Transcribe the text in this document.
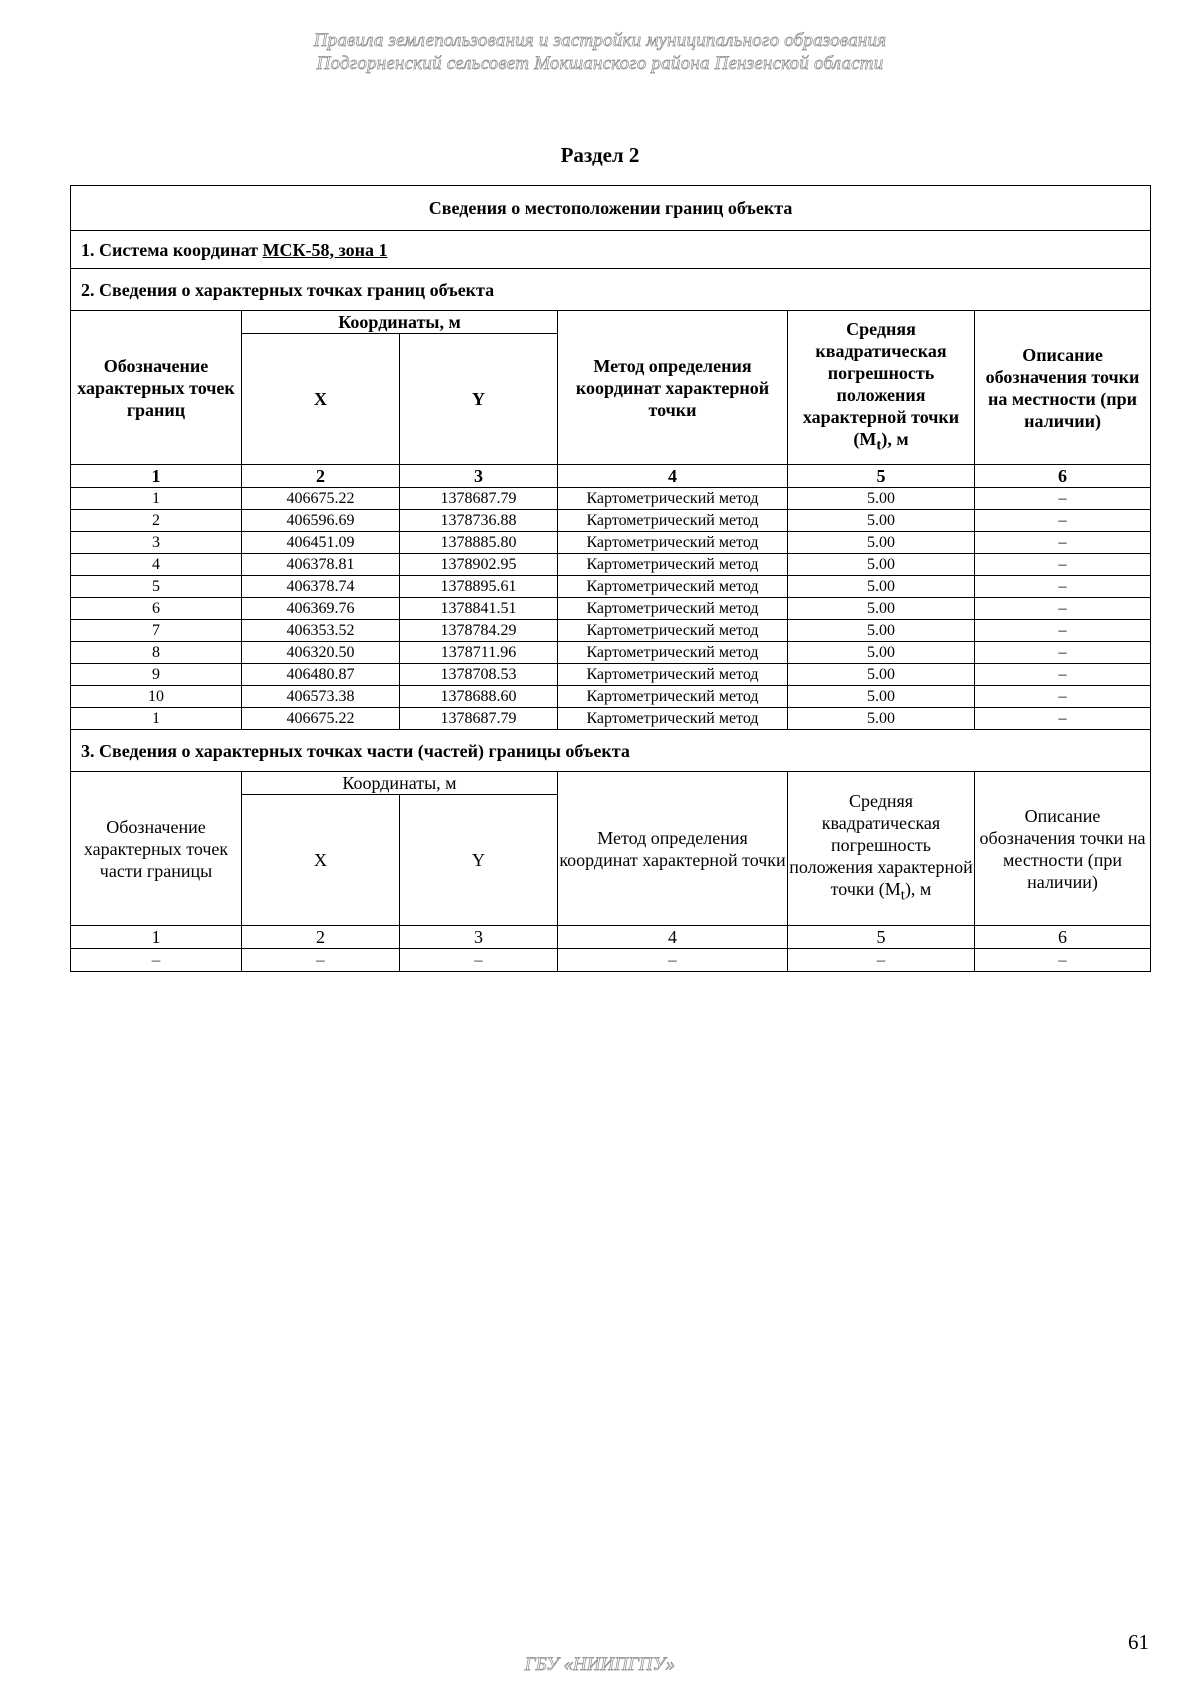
Правила землепользования и застройки муниципального образования
Подгорненский сельсовет Мокшанского района Пензенской области
Раздел 2
Сведения о местоположении границ объекта					
1. Система координат МСК-58, зона 1					
2. Сведения о характерных точках границ объекта					
Обозначение характерных точек границ	Координаты, м		Метод определения координат характерной точки	Средняя квадратическая погрешность положения характерной точки $(M_t)$, м	Описание обозначения точки на местности (при наличии)
	X	Y			
1	2	3	4	5	6
1	406675.22	1378687.79	Картометрический метод	5.00	–
2	406596.69	1378736.88	Картометрический метод	5.00	–
3	406451.09	1378885.80	Картометрический метод	5.00	–
4	406378.81	1378902.95	Картометрический метод	5.00	–
5	406378.74	1378895.61	Картометрический метод	5.00	–
6	406369.76	1378841.51	Картометрический метод	5.00	–
7	406353.52	1378784.29	Картометрический метод	5.00	–
8	406320.50	1378711.96	Картометрический метод	5.00	–
9	406480.87	1378708.53	Картометрический метод	5.00	–
10	406573.38	1378688.60	Картометрический метод	5.00	–
1	406675.22	1378687.79	Картометрический метод	5.00	–
3. Сведения о характерных точках части (частей) границы объекта					
Обозначение характерных точек части границы	Координаты, м		Метод определения координат характерной точки	Средняя квадратическая погрешность положения характерной точки $(M_t)$, м	Описание обозначения точки на местности (при наличии)
	X	Y			
1	2	3	4	5	6
–	–	–	–	–	–
61
ГБУ «НИИПГПУ»
